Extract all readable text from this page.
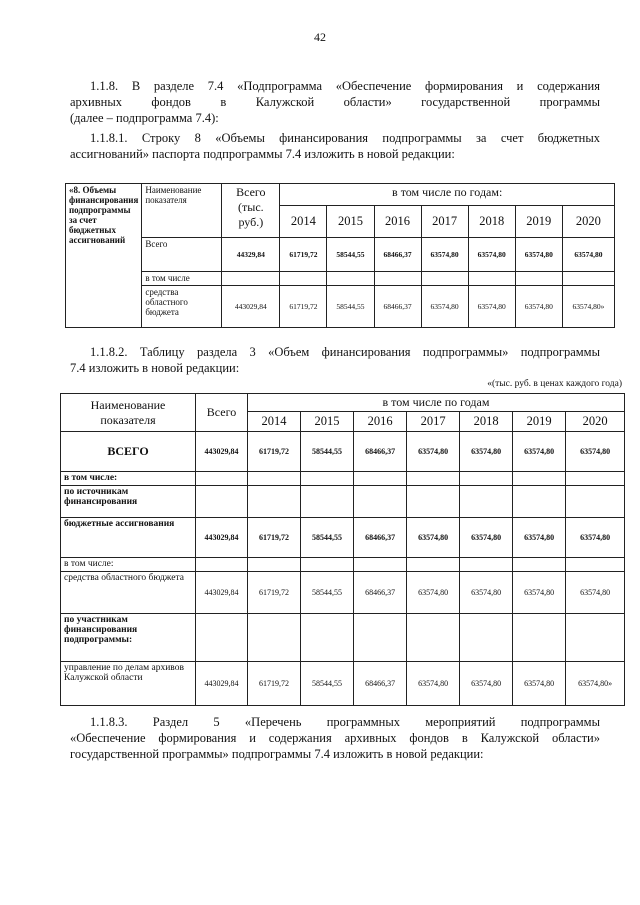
42
1.1.8. В разделе 7.4 «Подпрограмма «Обеспечение формирования и содержания
архивных фондов в Калужской области» государственной программы
(далее – подпрограмма 7.4):
1.1.8.1. Строку 8 «Объемы финансирования подпрограммы за счет бюджетных
ассигнований» паспорта подпрограммы 7.4 изложить в новой редакции:
«8. Объемы финансирования подпрограммы за счет бюджетных ассигнований	Наименование показателя	Всего (тыс. руб.)	в том числе по годам:						
			2014	2015	2016	2017	2018	2019	2020
	Всего	44329,84	61719,72	58544,55	68466,37	63574,80	63574,80	63574,80	63574,80
	в том числе								
	средства областного бюджета	443029,84	61719,72	58544,55	68466,37	63574,80	63574,80	63574,80	63574,80»
1.1.8.2. Таблицу раздела 3 «Объем финансирования подпрограммы» подпрограммы
7.4 изложить в новой редакции:
«(тыс. руб. в ценах каждого года)
Наименование показателя	Всего	в том числе по годам						
		2014	2015	2016	2017	2018	2019	2020
ВСЕГО	443029,84	61719,72	58544,55	68466,37	63574,80	63574,80	63574,80	63574,80
в том числе:								
по источникам финансирования								
бюджетные ассигнования	443029,84	61719,72	58544,55	68466,37	63574,80	63574,80	63574,80	63574,80
в том числе:								
средства областного бюджета	443029,84	61719,72	58544,55	68466,37	63574,80	63574,80	63574,80	63574,80
по участникам финансирования подпрограммы:								
управление по делам архивов Калужской области	443029,84	61719,72	58544,55	68466,37	63574,80	63574,80	63574,80	63574,80»
1.1.8.3. Раздел 5 «Перечень программных мероприятий подпрограммы
«Обеспечение формирования и содержания архивных фондов в Калужской области»
государственной программы» подпрограммы 7.4 изложить в новой редакции:
